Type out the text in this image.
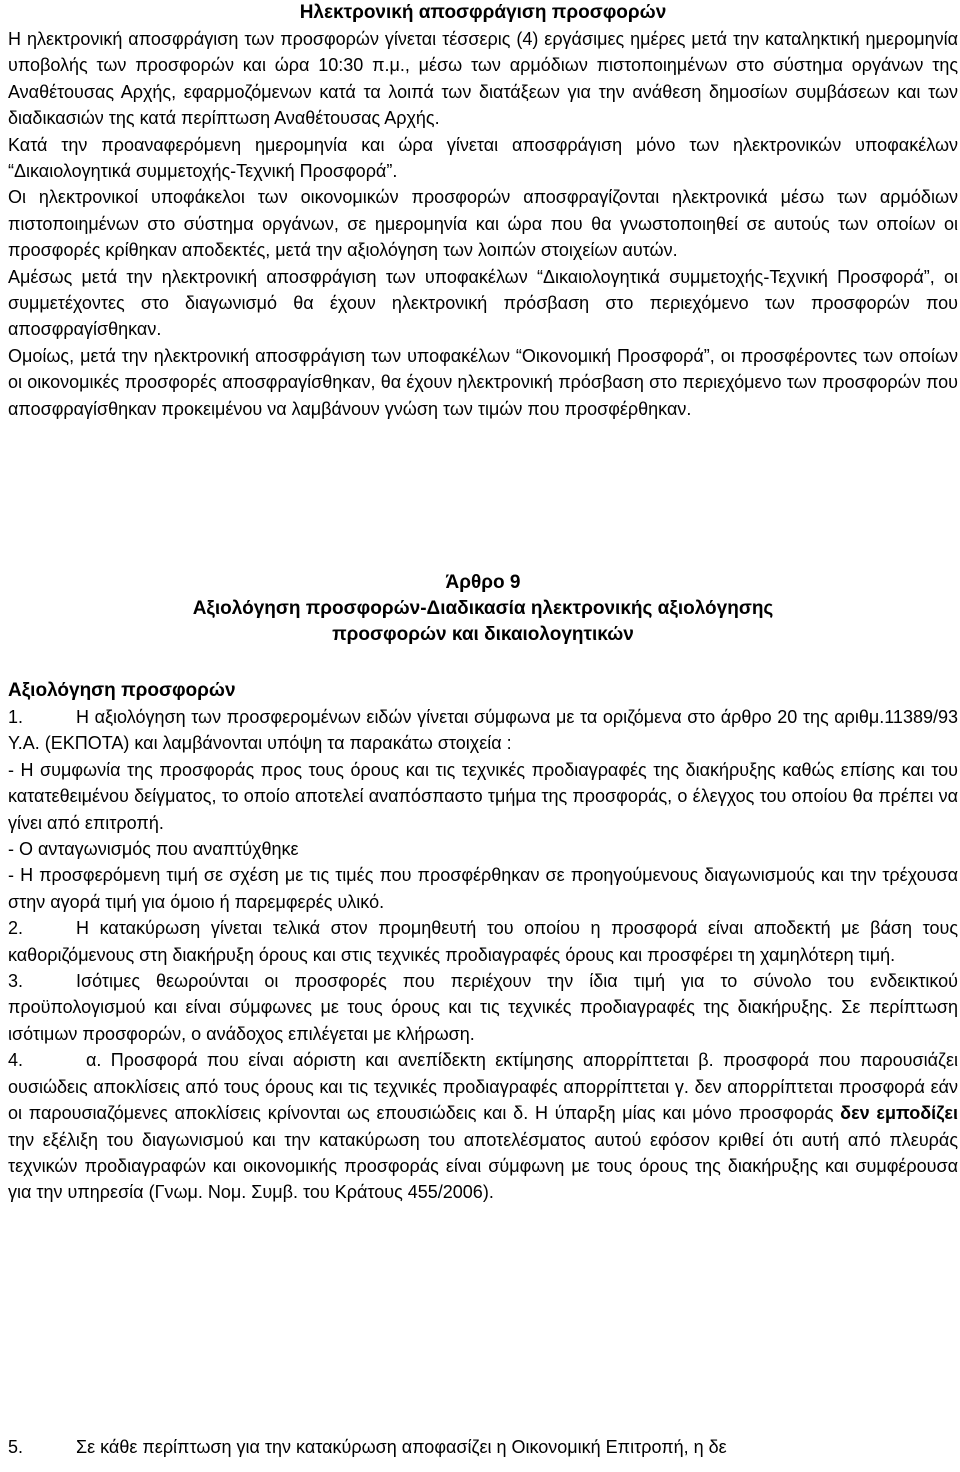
Ηλεκτρονική αποσφράγιση προσφορών

Η ηλεκτρονική αποσφράγιση των προσφορών γίνεται τέσσερις (4) εργάσιμες ημέρες μετά την καταληκτική ημερομηνία υποβολής των προσφορών και ώρα 10:30 π.μ., μέσω των αρμόδιων πιστοποιημένων στο σύστημα οργάνων της Αναθέτουσας Αρχής, εφαρμοζόμενων κατά τα λοιπά των διατάξεων για την ανάθεση δημοσίων συμβάσεων και των διαδικασιών της κατά περίπτωση Αναθέτουσας Αρχής.

Κατά την προαναφερόμενη ημερομηνία και ώρα γίνεται αποσφράγιση μόνο των ηλεκτρονικών υποφακέλων “Δικαιολογητικά συμμετοχής-Τεχνική Προσφορά”.

Οι ηλεκτρονικοί υποφάκελοι των οικονομικών προσφορών αποσφραγίζονται ηλεκτρονικά μέσω των αρμόδιων πιστοποιημένων στο σύστημα οργάνων, σε ημερομηνία και ώρα που θα γνωστοποιηθεί σε αυτούς των οποίων οι προσφορές κρίθηκαν αποδεκτές, μετά την αξιολόγηση των λοιπών στοιχείων αυτών.

Αμέσως μετά την ηλεκτρονική αποσφράγιση των υποφακέλων “Δικαιολογητικά συμμετοχής-Τεχνική Προσφορά”, οι συμμετέχοντες στο διαγωνισμό θα έχουν ηλεκτρονική πρόσβαση στο περιεχόμενο των προσφορών που αποσφραγίσθηκαν.

Ομοίως, μετά την ηλεκτρονική αποσφράγιση των υποφακέλων “Οικονομική Προσφορά”, οι προσφέροντες των οποίων οι οικονομικές προσφορές αποσφραγίσθηκαν, θα έχουν ηλεκτρονική πρόσβαση στο περιεχόμενο των προσφορών που αποσφραγίσθηκαν προκειμένου να λαμβάνουν γνώση των τιμών που προσφέρθηκαν.

Άρθρο 9

Αξιολόγηση προσφορών-Διαδικασία ηλεκτρονικής αξιολόγησης

προσφορών και δικαιολογητικών

Αξιολόγηση προσφορών

1.	Η αξιολόγηση των προσφερομένων ειδών γίνεται σύμφωνα με τα οριζόμενα στο άρθρο 20 της αριθμ.11389/93 Υ.Α. (ΕΚΠΟΤΑ) και λαμβάνονται υπόψη τα παρακάτω στοιχεία :

- Η συμφωνία της προσφοράς προς τους όρους και τις τεχνικές προδιαγραφές της διακήρυξης καθώς επίσης και του κατατεθειμένου δείγματος, το οποίο αποτελεί αναπόσπαστο τμήμα της προσφοράς, ο έλεγχος του οποίου θα πρέπει να γίνει από επιτροπή.

- Ο ανταγωνισμός που αναπτύχθηκε

- Η προσφερόμενη τιμή σε σχέση με τις τιμές που προσφέρθηκαν σε προηγούμενους διαγωνισμούς και την τρέχουσα στην αγορά τιμή για όμοιο ή παρεμφερές υλικό.

2.	Η κατακύρωση γίνεται τελικά στον προμηθευτή του οποίου η προσφορά είναι αποδεκτή με βάση τους καθοριζόμενους στη διακήρυξη όρους και στις τεχνικές προδιαγραφές όρους και προσφέρει τη χαμηλότερη τιμή.

3.	Ισότιμες θεωρούνται οι προσφορές που περιέχουν την ίδια τιμή για το σύνολο του ενδεικτικού προϋπολογισμού και είναι σύμφωνες με τους όρους και τις τεχνικές προδιαγραφές της διακήρυξης. Σε περίπτωση ισότιμων προσφορών, ο ανάδοχος επιλέγεται με κλήρωση.

4.	α. Προσφορά που είναι αόριστη και ανεπίδεκτη εκτίμησης απορρίπτεται β. προσφορά που παρουσιάζει ουσιώδεις αποκλίσεις από τους όρους και τις τεχνικές προδιαγραφές απορρίπτεται γ. δεν απορρίπτεται προσφορά εάν οι παρουσιαζόμενες αποκλίσεις κρίνονται ως επουσιώδεις και δ. Η ύπαρξη μίας και μόνο προσφοράς δεν εμποδίζει την εξέλιξη του διαγωνισμού και την κατακύρωση του αποτελέσματος αυτού εφόσον κριθεί ότι αυτή από πλευράς τεχνικών προδιαγραφών και οικονομικής προσφοράς είναι σύμφωνη με τους όρους της διακήρυξης και συμφέρουσα για την υπηρεσία (Γνωμ. Νομ. Συμβ. του Κράτους 455/2006).

5.	Σε κάθε περίπτωση για την κατακύρωση αποφασίζει η Οικονομική Επιτροπή, η δε
